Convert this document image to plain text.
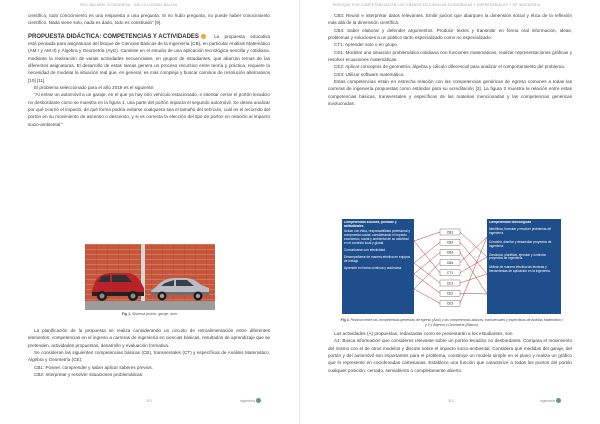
REVI BALAREI CLOUDRRISA · INE COLLEGMIC BALIGA

científico, todo conocimiento es una respuesta a una pregunta. Si no hubo pregunta, no puede haber conocimiento científico. Nada viene solo, nada es dado, todo es construido” [9].

PROPUESTA DIDÁCTICA: COMPETENCIAS Y ACTIVIDADES	La propuesta educativa está pensada para asignaturas del bloque de Ciencias Básicas de la Ingeniería (CB), en particular Análisis Matemático (AM I y AM II) y Álgebra y Geometría (AyG). Consiste en el estudio de una aplicación tecnológica sencilla y cotidiana, mediante la realización de varias actividades secuenciales, en grupos de estudiantes, que abarcan temas de las diferentes asignaturas. El desarrollo de estas tareas genera un proceso recursivo entre teoría y práctica, requiere la necesidad de modelar la situación real que, en general, es más compleja y buscar caminos de resolución alternativos [10] [11].

El problema seleccionado para el año 2019 es el siguiente:

“Al entrar un automóvil a un garaje, en el que ya hay otro vehículo estacionado, e intentar cerrar el portón levadizo no desbordante como se muestra en la figura 1, una parte del portón impacta el segundo automóvil. Se desea analizar por qué ocurrió el impacto, de qué forma podría evitarse cualquiera sea el tamaño del vehículo, cuál es el recorrido del portón en su movimiento de ascenso o descenso, y si es correcta la elección del tipo de portón en relación al impacto socio-ambiental.”

Fig 1. Sistema portón, garaje, auto.

La planificación de la propuesta se realiza considerando un circuito de retroalimentación entre diferentes elementos: competencias en el ingreso a carreras de ingeniería en ciencias básicas, resultados de aprendizaje que se pretenden, actividades propuestas, desarrollo y evaluación formativa.

Se consideran las siguientes competencias básicas (CB), transversales (CT) y específicas de Análisis Matemático, Álgebra y Geometría (CE):

CB1: Poseer, comprender y saber aplicar saberes previos.

CB2: Interpretar y resolver situaciones problemáticas.

312	ingeniería
ENFOQUE POR COMPETENCIAS EN LOS GRADOS EN CIENCIAS ECONÓMICAS Y EMPRESARIALES Y DE INGENIERÍA

CB3: Reunir e interpretar datos relevantes. Emitir juicios que abarquen la dimensión social y ética de la reflexión más allá de la dimensión científica.

CB4: Saber elaborar y defender argumentos. Producir textos y transmitir en forma oral información, ideas, problemas y soluciones a un público tanto especializado como no especializado.

CT1: Aprender solo o en grupo.

CE1: Modelar una situación problemática cotidiana con funciones matemáticas, realizar representaciones gráficas y resolver ecuaciones matemáticas.

CE2: Aplicar conceptos de geometría, álgebra y cálculo diferencial para analizar el comportamiento del problema.

CE3: Utilizar software matemático.

Estas competencias están en estrecha relación con las competencias genéricas de egreso comunes a todas las carreras de ingeniería propuestas como estándar para su acreditación [3]. La figura 2 muestra la relación entre estas competencias básicas, transversales y específicas de las materias mencionadas y las competencias genéricas involucradas.

CB1
CB2
CB3
CB4
CT1
CE1
CE2
CE3
Competencias sociales, políticas y actitudinales
Actuar con ética, responsabilidad profesional y compromiso social, considerando el impacto económico, social y ambiental de su actividad en el contexto local y global.
Comunicarse con efectividad.
Desempeñarse de manera efectiva en equipos de trabajo.
Aprender en forma continua y autónoma.
Competencias tecnológicas
Identificar, formular y resolver problemas de ingeniería.
Concebir, diseñar y desarrollar proyectos de ingeniería.
Gestionar, planificar, ejecutar y controlar proyectos de ingeniería.
Utilizar de manera efectiva las técnicas y herramientas de aplicación en la ingeniería.
Fig 2. Relación entre las competencias genéricas de egreso (Azul) y las competencias básicas, transversales y específicas de Análisis Matemático I y II y Álgebra y Geometría (Blanco).

Las actividades (A) propuestas, redactadas como se presentarán a los estudiantes, son:

A1: Busca información que consideres relevante sobre un portón levadizo no desbordante. Compara el movimiento del mismo con el de otros modelos y discute sobre el impacto socio-ambiental. Considera qué medidas del garaje, del portón y del automóvil son importantes para el problema, construye un modelo simple en el plano y realiza un gráfico que lo represente en coordenadas cartesianas. Establece una función que caracterice a todos los puntos del portón cualquier posición: cerrado, semiabierto o completamente abierto.

313	ingeniería
